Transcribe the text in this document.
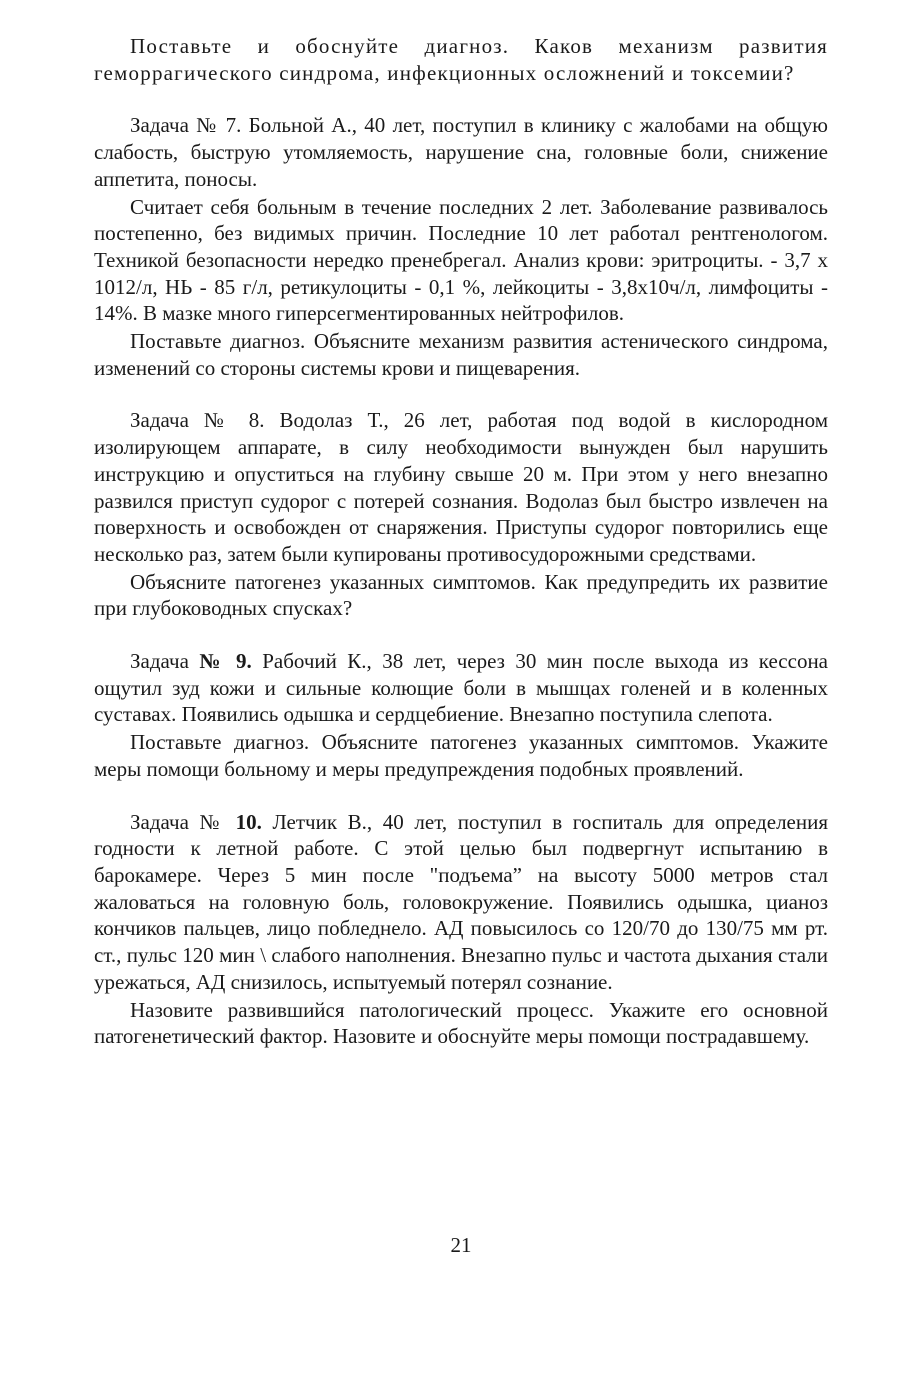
Поставьте и обоснуйте диагноз. Каков механизм развития геморрагического синдрома, инфекционных осложнений и токсемии?

Задача № 7. Больной А., 40 лет, поступил в клинику с жалобами на общую слабость, быструю утомляемость, нарушение сна, головные боли, снижение аппетита, поносы.

Считает себя больным в течение последних 2 лет. Заболевание развивалось постепенно, без видимых причин. Последние 10 лет работал рентгенологом. Техникой безопасности нередко пренебрегал. Анализ крови: эритроциты. - 3,7 х 1012/л, НЬ - 85 г/л, ретикулоциты - 0,1 %, лейкоциты - 3,8х10ч/л, лимфоциты - 14%. В мазке много гиперсегментированных нейтрофилов.

Поставьте диагноз. Объясните механизм развития астенического синдрома, изменений со стороны системы крови и пищеварения.

Задача № 8. Водолаз Т., 26 лет, работая под водой в кислородном изолирующем аппарате, в силу необходимости вынужден был нарушить инструкцию и опуститься на глубину свыше 20 м. При этом у него внезапно развился приступ судорог с потерей сознания. Водолаз был быстро извлечен на поверхность и освобожден от снаряжения. Приступы судорог повторились еще несколько раз, затем были купированы противосудорожными средствами.

Объясните патогенез указанных симптомов. Как предупредить их развитие при глубоководных спусках?

Задача № 9. Рабочий К., 38 лет, через 30 мин после выхода из кессона ощутил зуд кожи и сильные колющие боли в мышцах голеней и в коленных суставах. Появились одышка и сердцебиение. Внезапно поступила слепота.

Поставьте диагноз. Объясните патогенез указанных симптомов. Укажите меры помощи больному и меры предупреждения подобных проявлений.

Задача № 10. Летчик В., 40 лет, поступил в госпиталь для определения годности к летной работе. С этой целью был подвергнут испытанию в барокамере. Через 5 мин после "подъема” на высоту 5000 метров стал жаловаться на головную боль, головокружение. Появились одышка, цианоз кончиков пальцев, лицо побледнело. АД повысилось со 120/70 до 130/75 мм рт. ст., пульс 120 мин \ слабого наполнения. Внезапно пульс и частота дыхания стали урежаться, АД снизилось, испытуемый потерял сознание.

Назовите развившийся патологический процесс. Укажите его основной патогенетический фактор. Назовите и обоснуйте меры помощи пострадавшему.

21
